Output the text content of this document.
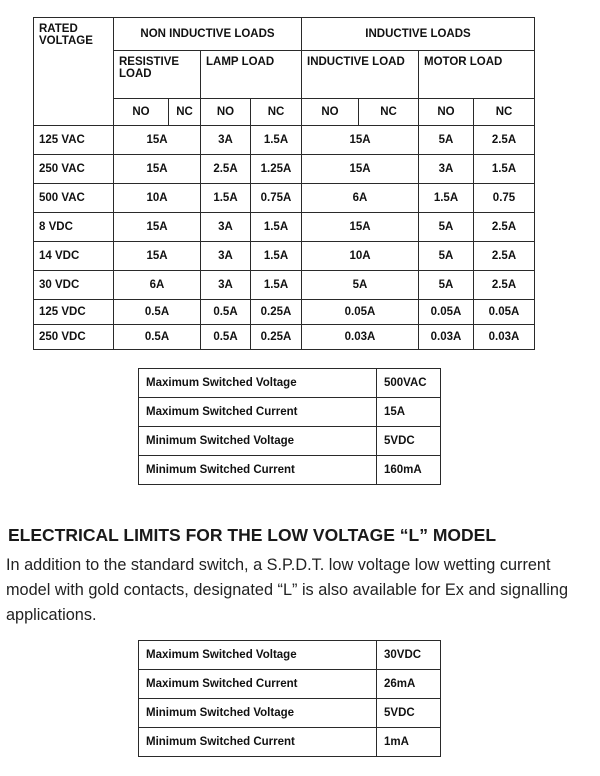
RATED VOLTAGE	NON INDUCTIVE LOADS				INDUCTIVE LOADS			
	RESISTIVE LOAD		LAMP LOAD		INDUCTIVE LOAD		MOTOR LOAD	
	NO	NC	NO	NC	NO	NC	NO	NC
125 VAC	15A		3A	1.5A	15A		5A	2.5A
250 VAC	15A		2.5A	1.25A	15A		3A	1.5A
500 VAC	10A		1.5A	0.75A	6A		1.5A	0.75
8 VDC	15A		3A	1.5A	15A		5A	2.5A
14 VDC	15A		3A	1.5A	10A		5A	2.5A
30 VDC	6A		3A	1.5A	5A		5A	2.5A
125 VDC	0.5A		0.5A	0.25A	0.05A		0.05A	0.05A
250 VDC	0.5A		0.5A	0.25A	0.03A		0.03A	0.03A
Maximum Switched Voltage	500VAC
Maximum Switched Current	15A
Minimum Switched Voltage	5VDC
Minimum Switched Current	160mA
ELECTRICAL LIMITS FOR THE LOW VOLTAGE “L” MODEL

In addition to the standard switch, a S.P.D.T. low voltage low wetting current model with gold contacts, designated “L” is also available for Ex and signalling applications.

Maximum Switched Voltage	30VDC
Maximum Switched Current	26mA
Minimum Switched Voltage	5VDC
Minimum Switched Current	1mA
